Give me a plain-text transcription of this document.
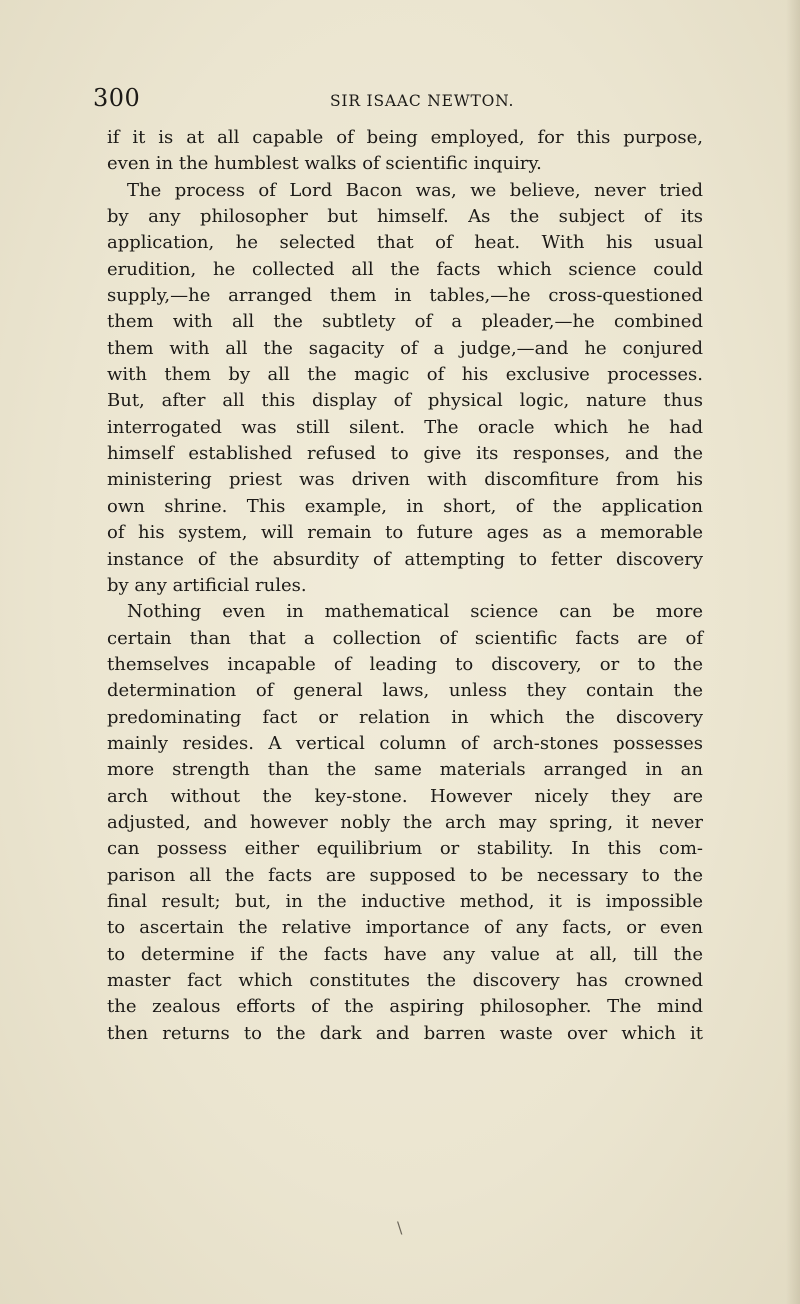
300	SIR ISAAC NEWTON.
if it is at all capable of being employed, for this purpose,
even in the humblest walks of scientific inquiry.
The process of Lord Bacon was, we believe, never tried
by any philosopher but himself. As the subject of its
application, he selected that of heat. With his usual
erudition, he collected all the facts which science could
supply,—he arranged them in tables,—he cross-questioned
them with all the subtlety of a pleader,—he combined
them with all the sagacity of a judge,—and he conjured
with them by all the magic of his exclusive processes.
But, after all this display of physical logic, nature thus
interrogated was still silent. The oracle which he had
himself established refused to give its responses, and the
ministering priest was driven with discomfiture from his
own shrine. This example, in short, of the application
of his system, will remain to future ages as a memorable
instance of the absurdity of attempting to fetter discovery
by any artificial rules.
Nothing even in mathematical science can be more
certain than that a collection of scientific facts are of
themselves incapable of leading to discovery, or to the
determination of general laws, unless they contain the
predominating fact or relation in which the discovery
mainly resides. A vertical column of arch-stones possesses
more strength than the same materials arranged in an
arch without the key-stone. However nicely they are
adjusted, and however nobly the arch may spring, it never
can possess either equilibrium or stability. In this com-
parison all the facts are supposed to be necessary to the
final result; but, in the inductive method, it is impossible
to ascertain the relative importance of any facts, or even
to determine if the facts have any value at all, till the
master fact which constitutes the discovery has crowned
the zealous efforts of the aspiring philosopher. The mind
then returns to the dark and barren waste over which it
\
